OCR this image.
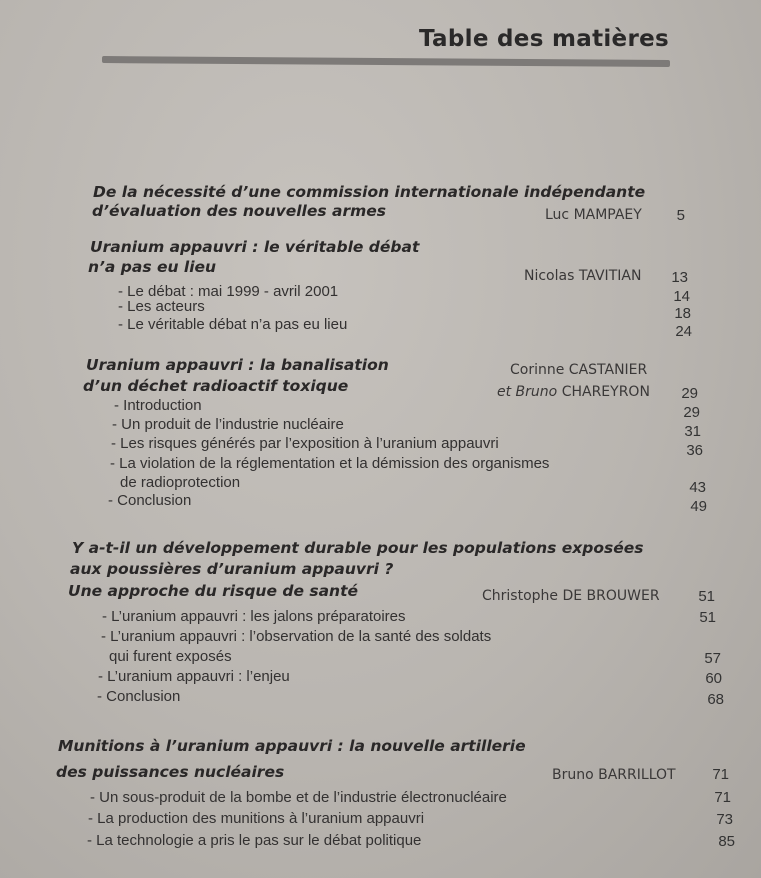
Table des matières
De la nécessité d’une commission internationale indépendante
d’évaluation des nouvelles armes	Luc MAMPAEY	5
Uranium appauvri : le véritable débat
n’a pas eu lieu	Nicolas TAVITIAN	13
- Le débat : mai 1999 - avril 2001	14
- Les acteurs	18
- Le véritable débat n’a pas eu lieu	24
Uranium appauvri : la banalisation
d’un déchet radioactif toxique
Corinne CASTANIER
et Bruno CHAREYRON	29
- Introduction	29
- Un produit de l’industrie nucléaire	31
- Les risques générés par l’exposition à l’uranium appauvri	36
- La violation de la réglementation et la démission des organismes
de radioprotection	43
- Conclusion	49
Y a-t-il un développement durable pour les populations exposées
aux poussières d’uranium appauvri ?
Une approche du risque de santé	Christophe DE BROUWER	51
- L’uranium appauvri : les jalons préparatoires	51
- L’uranium appauvri : l’observation de la santé des soldats
qui furent exposés	57
- L’uranium appauvri : l’enjeu	60
- Conclusion	68
Munitions à l’uranium appauvri : la nouvelle artillerie
des puissances nucléaires	Bruno BARRILLOT	71
- Un sous-produit de la bombe et de l’industrie électronucléaire	71
- La production des munitions à l’uranium appauvri	73
- La technologie a pris le pas sur le débat politique	85
